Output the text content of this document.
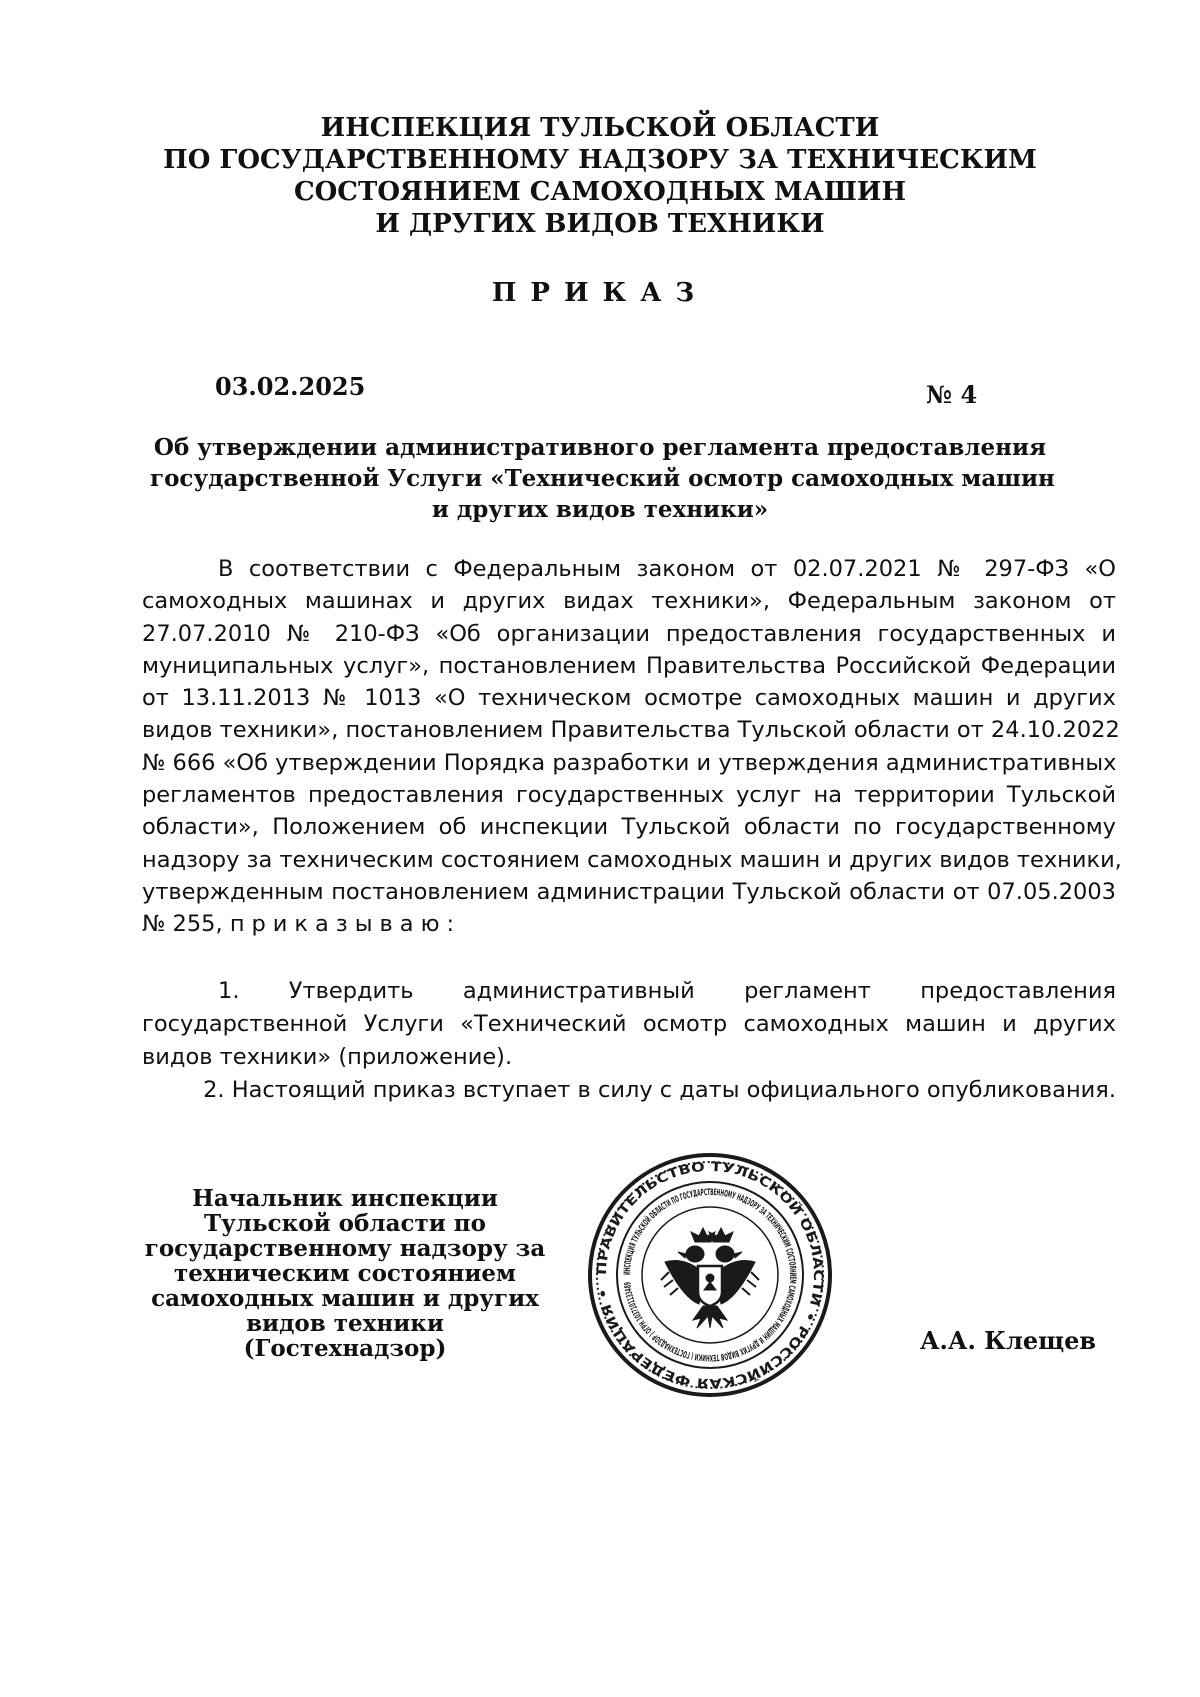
ИНСПЕКЦИЯ ТУЛЬСКОЙ ОБЛАСТИ
ПО ГОСУДАРСТВЕННОМУ НАДЗОРУ ЗА ТЕХНИЧЕСКИМ
СОСТОЯНИЕМ САМОХОДНЫХ МАШИН
И ДРУГИХ ВИДОВ ТЕХНИКИ
ПРИКАЗ
03.02.2025	№ 4
Об утверждении административного регламента предоставления
государственной Услуги «Технический осмотр самоходных машин
и других видов техники»
В соответствии с Федеральным законом от 02.07.2021 № 297-ФЗ «О
самоходных машинах и других видах техники», Федеральным законом от
27.07.2010 № 210-ФЗ «Об организации предоставления государственных и
муниципальных услуг», постановлением Правительства Российской Федерации
от 13.11.2013 № 1013 «О техническом осмотре самоходных машин и других
видов техники», постановлением Правительства Тульской области от 24.10.2022
№ 666 «Об утверждении Порядка разработки и утверждения административных
регламентов предоставления государственных услуг на территории Тульской
области», Положением об инспекции Тульской области по государственному
надзору за техническим состоянием самоходных машин и других видов техники,
утвержденным постановлением администрации Тульской области от 07.05.2003
№ 255, приказываю:
1. Утвердить административный регламент предоставления
государственной Услуги «Технический осмотр самоходных машин и других
видов техники» (приложение).
2. Настоящий приказ вступает в силу с даты официального опубликования.
Начальник инспекции
Тульской области по
государственному надзору за
техническим состоянием
самоходных машин и других
видов техники
(Гостехнадзор)
ПРАВИТЕЛЬСТВО ТУЛЬСКОЙ ОБЛАСТИ • РОССИЙСКАЯ ФЕДЕРАЦИЯ •
ИНСПЕКЦИЯ ТУЛЬСКОЙ ОБЛАСТИ ПО ГОСУДАРСТВЕННОМУ НАДЗОРУ ЗА ТЕХНИЧЕСКИМ СОСТОЯНИЕМ САМОХОДНЫХ МАШИН И ДРУГИХ ВИДОВ ТЕХНИКИ ( ГОСТЕХНАДЗОР ) ОГРН 1037101133489
А.А. Клещев
